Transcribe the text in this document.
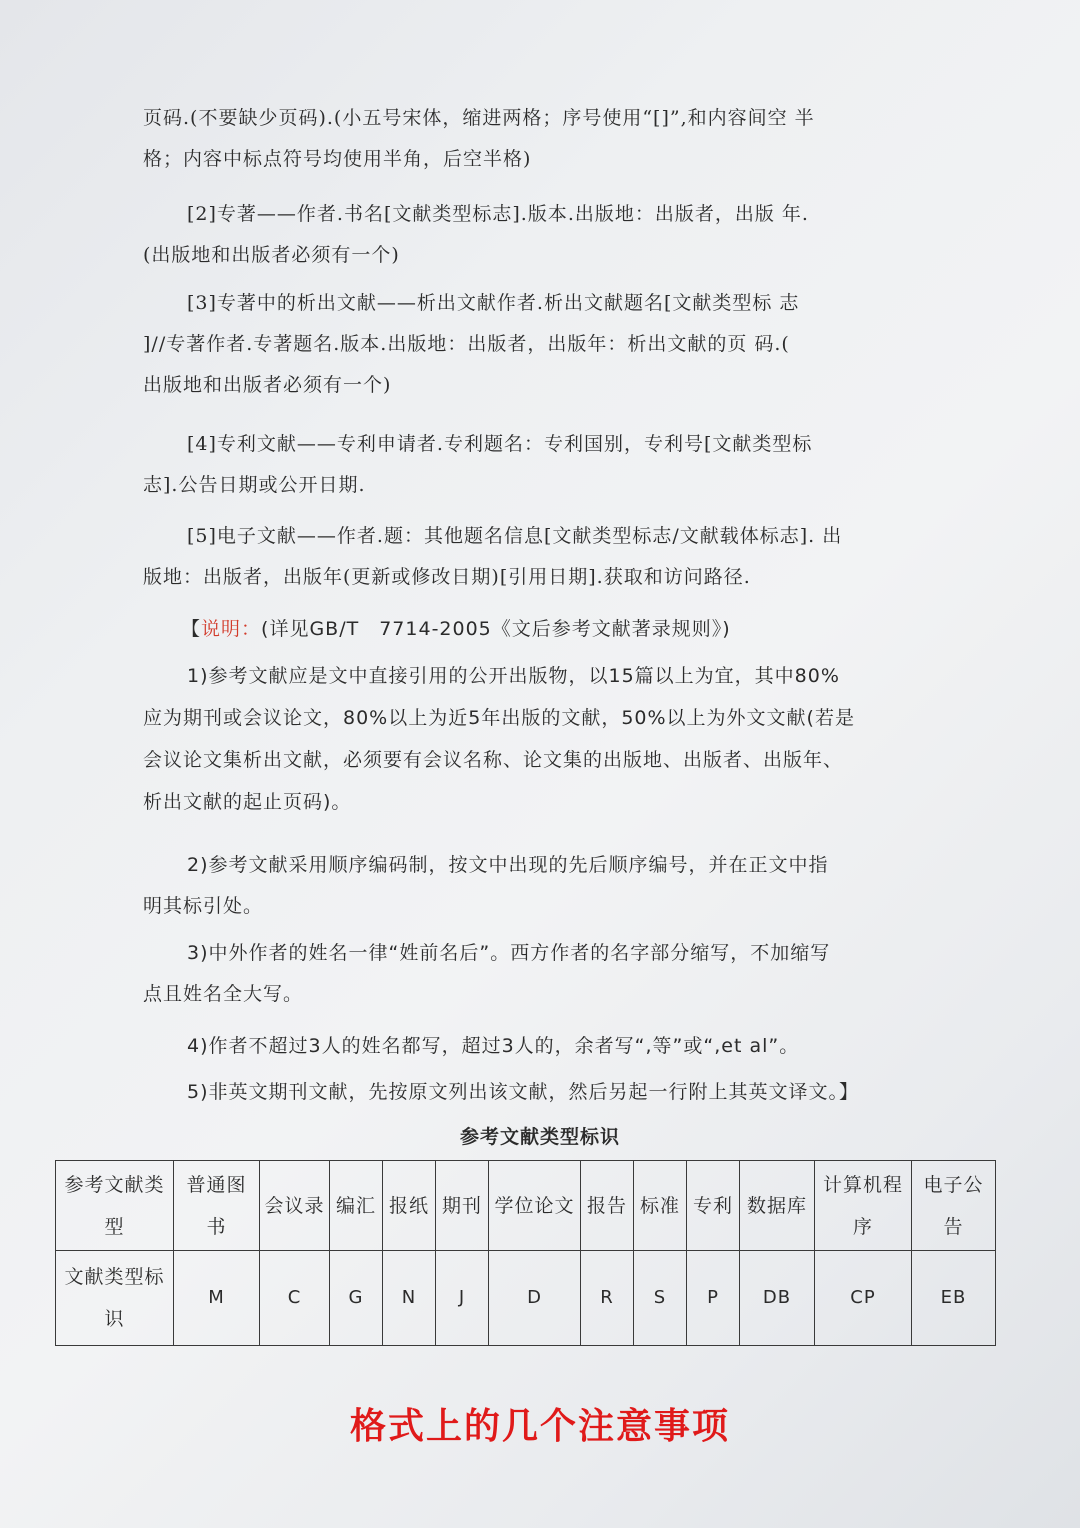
页码.(不要缺少页码).(小五号宋体，缩进两格；序号使用“[]”,和内容间空 半
格；内容中标点符号均使用半角，后空半格)

[2]专著——作者.书名[文献类型标志].版本.出版地：出版者，出版 年.
(出版地和出版者必须有一个)

[3]专著中的析出文献——析出文献作者.析出文献题名[文献类型标 志
]//专著作者.专著题名.版本.出版地：出版者，出版年：析出文献的页 码.(
出版地和出版者必须有一个)

[4]专利文献——专利申请者.专利题名：专利国别，专利号[文献类型标
志].公告日期或公开日期.

[5]电子文献——作者.题：其他题名信息[文献类型标志/文献载体标志]. 出
版地：出版者，出版年(更新或修改日期)[引用日期].获取和访问路径.

【说明：(详见GB/T　7714-2005《文后参考文献著录规则》)

1)参考文献应是文中直接引用的公开出版物，以15篇以上为宜，其中80%
应为期刊或会议论文，80%以上为近5年出版的文献，50%以上为外文文献(若是
会议论文集析出文献，必须要有会议名称、论文集的出版地、出版者、出版年、
析出文献的起止页码)。

2)参考文献采用顺序编码制，按文中出现的先后顺序编号，并在正文中指
明其标引处。

3)中外作者的姓名一律“姓前名后”。西方作者的名字部分缩写，不加缩写
点且姓名全大写。

4)作者不超过3人的姓名都写，超过3人的，余者写“,等”或“,et al”。

5)非英文期刊文献，先按原文列出该文献，然后另起一行附上其英文译文。】

参考文献类型标识
参考文献类型	普通图书	会议录	编汇	报纸	期刊	学位论文	报告	标准	专利	数据库	计算机程序	电子公告
文献类型标识	M	C	G	N	J	D	R	S	P	DB	CP	EB
格式上的几个注意事项
